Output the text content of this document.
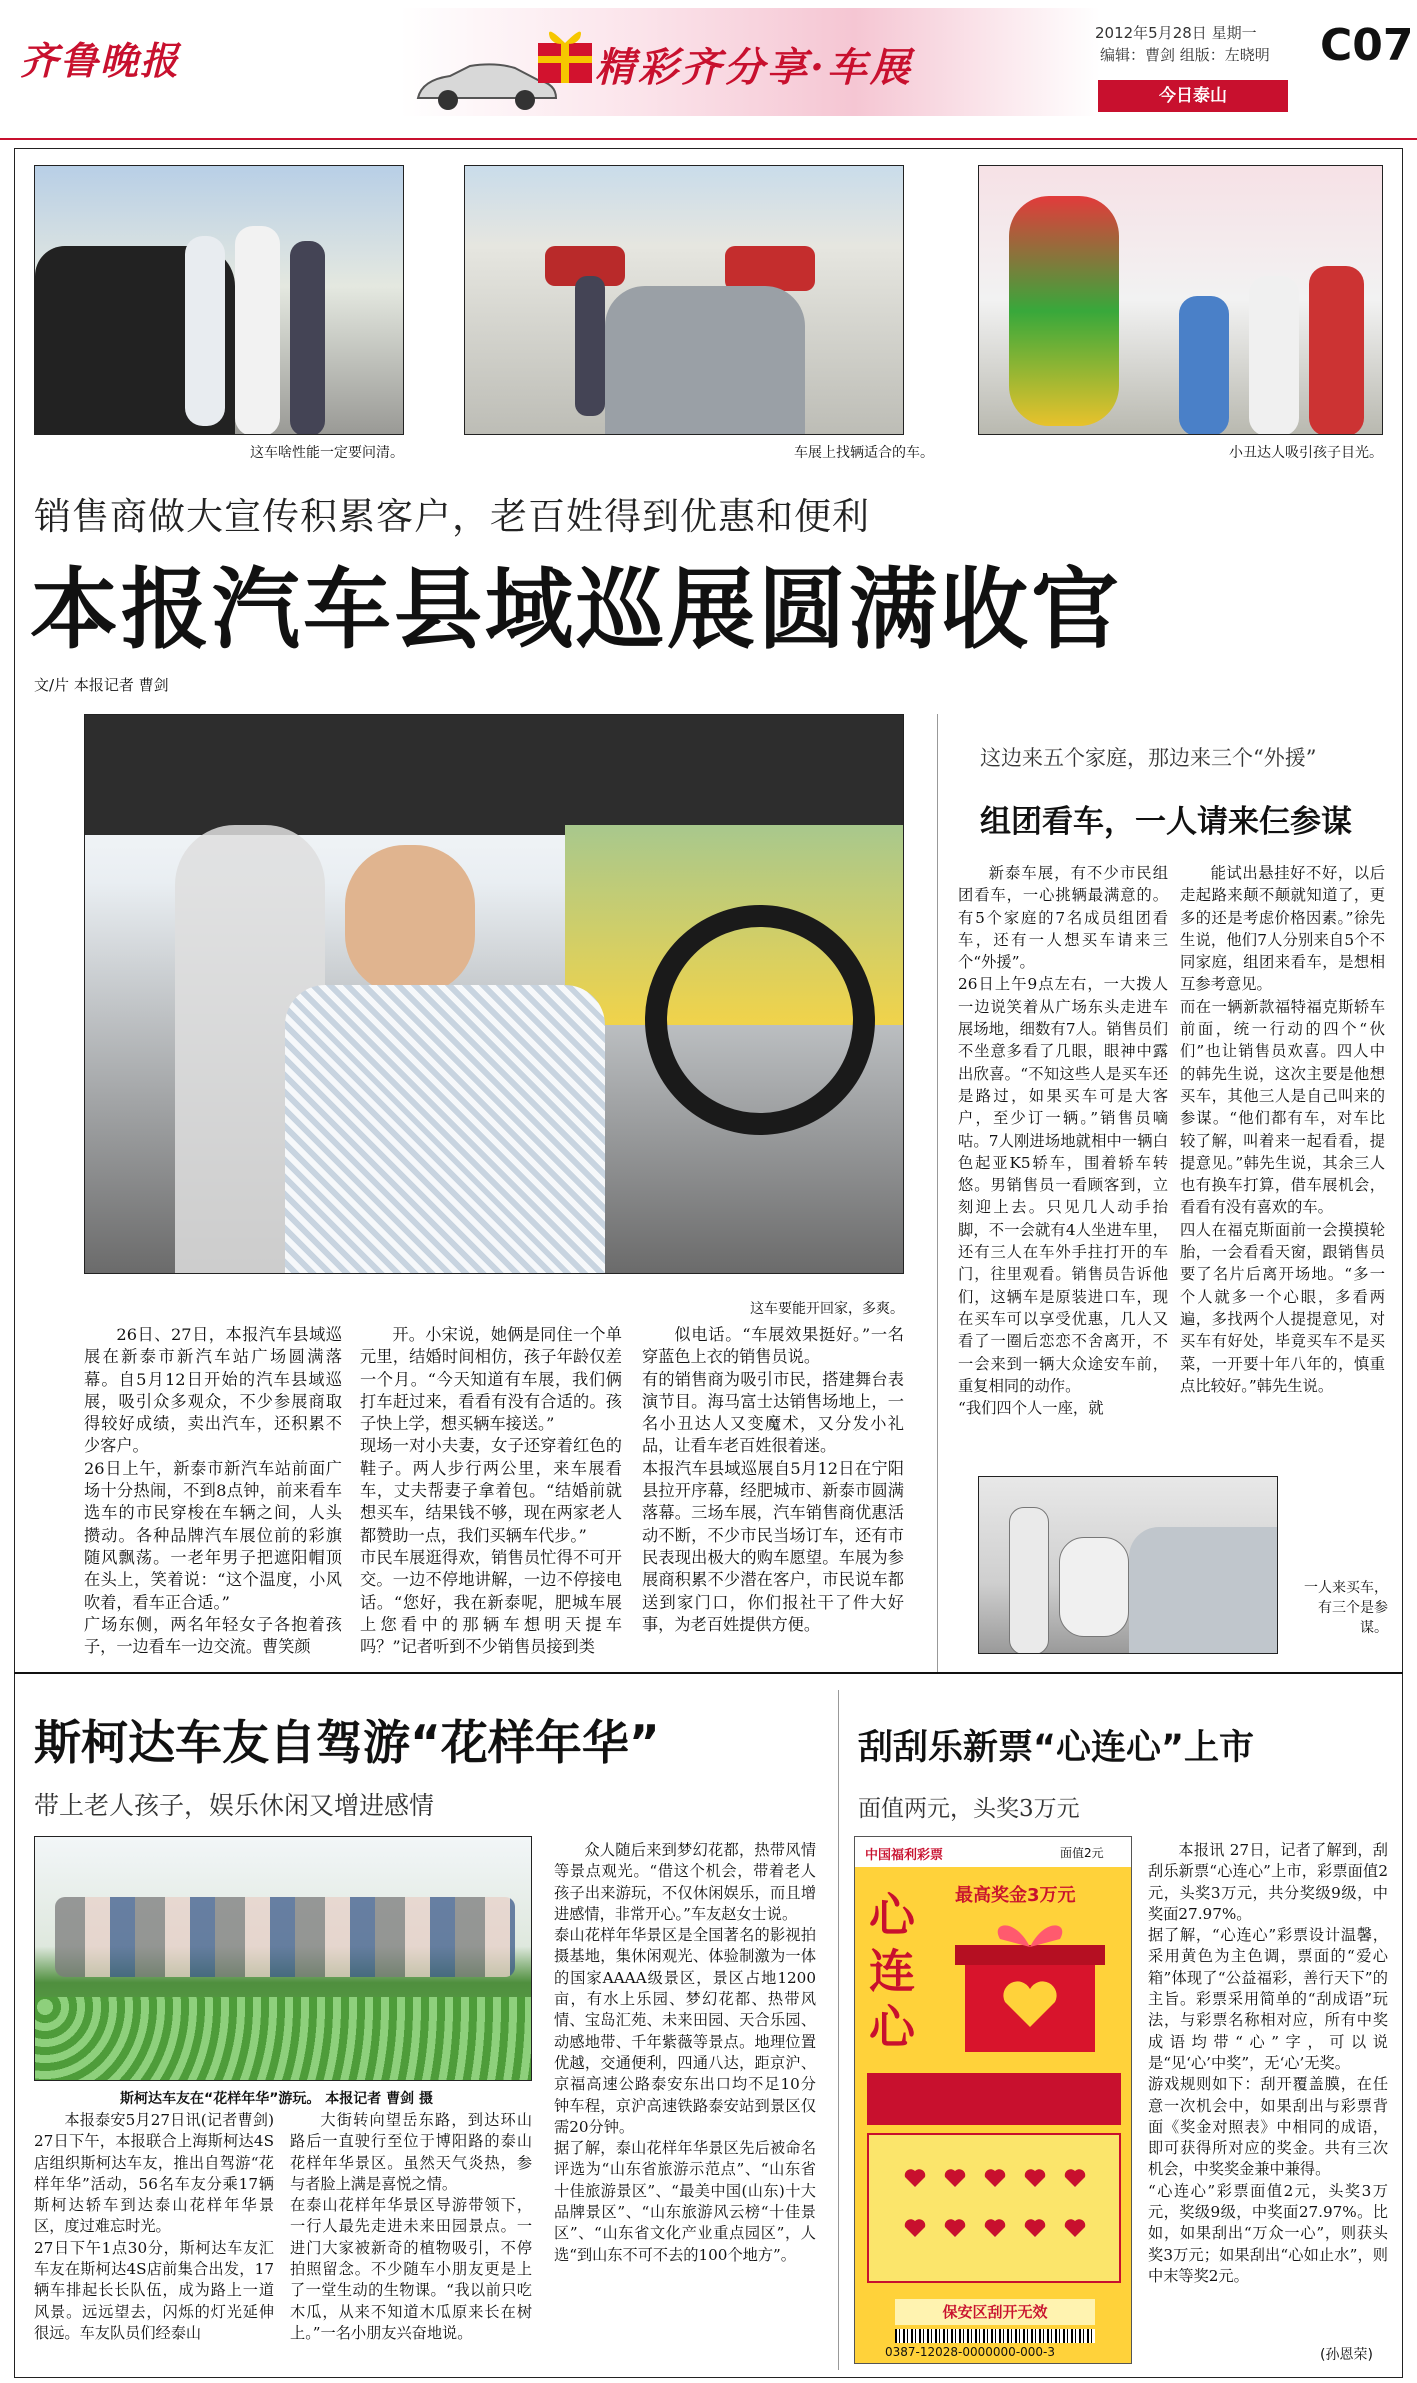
齐鲁晚报	精彩齐分享·车展
2012年5月28日 星期一
编辑：曹剑 组版：左晓明 C07
今日泰山
这车啥性能一定要问清。	车展上找辆适合的车。	小丑达人吸引孩子目光。
销售商做大宣传积累客户，老百姓得到优惠和便利
本报汽车县域巡展圆满收官
文/片 本报记者 曹剑
这车要能开回家，多爽。

26日、27日，本报汽车县域巡展在新泰市新汽车站广场圆满落幕。自5月12日开始的汽车县域巡展，吸引众多观众，不少参展商取得较好成绩，卖出汽车，还积累不少客户。
26日上午，新泰市新汽车站前面广场十分热闹，不到8点钟，前来看车选车的市民穿梭在车辆之间，人头攒动。各种品牌汽车展位前的彩旗随风飘荡。一老年男子把遮阳帽顶在头上，笑着说：“这个温度，小风吹着，看车正合适。”
广场东侧，两名年轻女子各抱着孩子，一边看车一边交流。曹笑颜

开。小宋说，她俩是同住一个单元里，结婚时间相仿，孩子年龄仅差一个月。“今天知道有车展，我们俩打车赶过来，看看有没有合适的。孩子快上学，想买辆车接送。”
现场一对小夫妻，女子还穿着红色的鞋子。两人步行两公里，来车展看车，丈夫帮妻子拿着包。“结婚前就想买车，结果钱不够，现在两家老人都赞助一点，我们买辆车代步。”
市民车展逛得欢，销售员忙得不可开交。一边不停地讲解，一边不停接电话。“您好，我在新泰呢，肥城车展上您看中的那辆车想明天提车吗？”记者听到不少销售员接到类

似电话。“车展效果挺好。”一名穿蓝色上衣的销售员说。
有的销售商为吸引市民，搭建舞台表演节目。海马富士达销售场地上，一名小丑达人又变魔术，又分发小礼品，让看车老百姓很着迷。
本报汽车县域巡展自5月12日在宁阳县拉开序幕，经肥城市、新泰市圆满落幕。三场车展，汽车销售商优惠活动不断，不少市民当场订车，还有市民表现出极大的购车愿望。车展为参展商积累不少潜在客户，市民说车都送到家门口，你们报社干了件大好事，为老百姓提供方便。

这边来五个家庭，那边来三个“外援”
组团看车，一人请来仨参谋

新泰车展，有不少市民组团看车，一心挑辆最满意的。有5个家庭的7名成员组团看车，还有一人想买车请来三个“外援”。
26日上午9点左右，一大拨人一边说笑着从广场东头走进车展场地，细数有7人。销售员们不坐意多看了几眼，眼神中露出欣喜。“不知这些人是买车还是路过，如果买车可是大客户，至少订一辆。”销售员嘀咕。7人刚进场地就相中一辆白色起亚K5轿车，围着轿车转悠。男销售员一看顾客到，立刻迎上去。只见几人动手抬脚，不一会就有4人坐进车里，还有三人在车外手拄打开的车门，往里观看。销售员告诉他们，这辆车是原装进口车，现在买车可以享受优惠，几人又看了一圈后恋恋不舍离开，不一会来到一辆大众途安车前，重复相同的动作。
“我们四个人一座，就

能试出悬挂好不好，以后走起路来颠不颠就知道了，更多的还是考虑价格因素。”徐先生说，他们7人分别来自5个不同家庭，组团来看车，是想相互参考意见。
而在一辆新款福特福克斯轿车前面，统一行动的四个“伙们”也让销售员欢喜。四人中的韩先生说，这次主要是他想买车，其他三人是自己叫来的参谋。“他们都有车，对车比较了解，叫着来一起看看，提提意见。”韩先生说，其余三人也有换车打算，借车展机会，看看有没有喜欢的车。
四人在福克斯面前一会摸摸轮胎，一会看看天窗，跟销售员要了名片后离开场地。“多一个人就多一个心眼，多看两遍，多找两个人提提意见，对买车有好处，毕竟买车不是买菜，一开要十年八年的，慎重点比较好。”韩先生说。

一人来买车，有三个是参谋。
斯柯达车友自驾游“花样年华”
带上老人孩子，娱乐休闲又增进感情
斯柯达车友在“花样年华”游玩。 本报记者 曹剑 摄

本报泰安5月27日讯(记者曹剑) 27日下午，本报联合上海斯柯达4S店组织斯柯达车友，推出自驾游“花样年华”活动，56名车友分乘17辆斯柯达轿车到达泰山花样年华景区，度过难忘时光。
27日下午1点30分，斯柯达车友汇车友在斯柯达4S店前集合出发，17辆车排起长长队伍，成为路上一道风景。远远望去，闪烁的灯光延伸很远。车友队员们经泰山

大街转向望岳东路，到达环山路后一直驶行至位于博阳路的泰山花样年华景区。虽然天气炎热，参与者脸上满是喜悦之情。
在泰山花样年华景区导游带领下，一行人最先走进未来田园景点。一进门大家被新奇的植物吸引，不停拍照留念。不少随车小朋友更是上了一堂生动的生物课。“我以前只吃木瓜，从来不知道木瓜原来长在树上。”一名小朋友兴奋地说。

众人随后来到梦幻花都，热带风情等景点观光。“借这个机会，带着老人孩子出来游玩，不仅休闲娱乐，而且增进感情，非常开心。”车友赵女士说。
泰山花样年华景区是全国著名的影视拍摄基地，集休闲观光、体验制激为一体的国家AAAA级景区，景区占地1200亩，有水上乐园、梦幻花都、热带风情、宝岛汇苑、未来田园、天合乐园、动感地带、千年紫薇等景点。地理位置优越，交通便利，四通八达，距京沪、京福高速公路泰安东出口均不足10分钟车程，京沪高速铁路泰安站到景区仅需20分钟。
据了解，泰山花样年华景区先后被命名评选为“山东省旅游示范点”、“山东省十佳旅游景区”、“最美中国(山东)十大品牌景区”、“山东旅游风云榜“十佳景区”、“山东省文化产业重点园区”，人选“到山东不可不去的100个地方”。

刮刮乐新票“心连心”上市
面值两元，头奖3万元
中国福利彩票	面值2元
心连心
最高奖金3万元
保安区刮开无效
0387-12028-0000000-000-3

本报讯 27日，记者了解到，刮刮乐新票“心连心”上市，彩票面值2元，头奖3万元，共分奖级9级，中奖面27.97%。
据了解，“心连心”彩票设计温馨，采用黄色为主色调，票面的“爱心箱”体现了“公益福彩，善行天下”的主旨。彩票采用简单的“刮成语”玩法，与彩票名称相对应，所有中奖成语均带“心”字，可以说是“见‘心’中奖”，无‘心’无奖。
游戏规则如下：刮开覆盖膜，在任意一次机会中，如果刮出与彩票背面《奖金对照表》中相同的成语，即可获得所对应的奖金。共有三次机会，中奖奖金兼中兼得。
“心连心”彩票面值2元，头奖3万元，奖级9级，中奖面27.97%。比如，如果刮出“万众一心”，则获头奖3万元；如果刮出“心如止水”，则中末等奖2元。

(孙恩荣)
